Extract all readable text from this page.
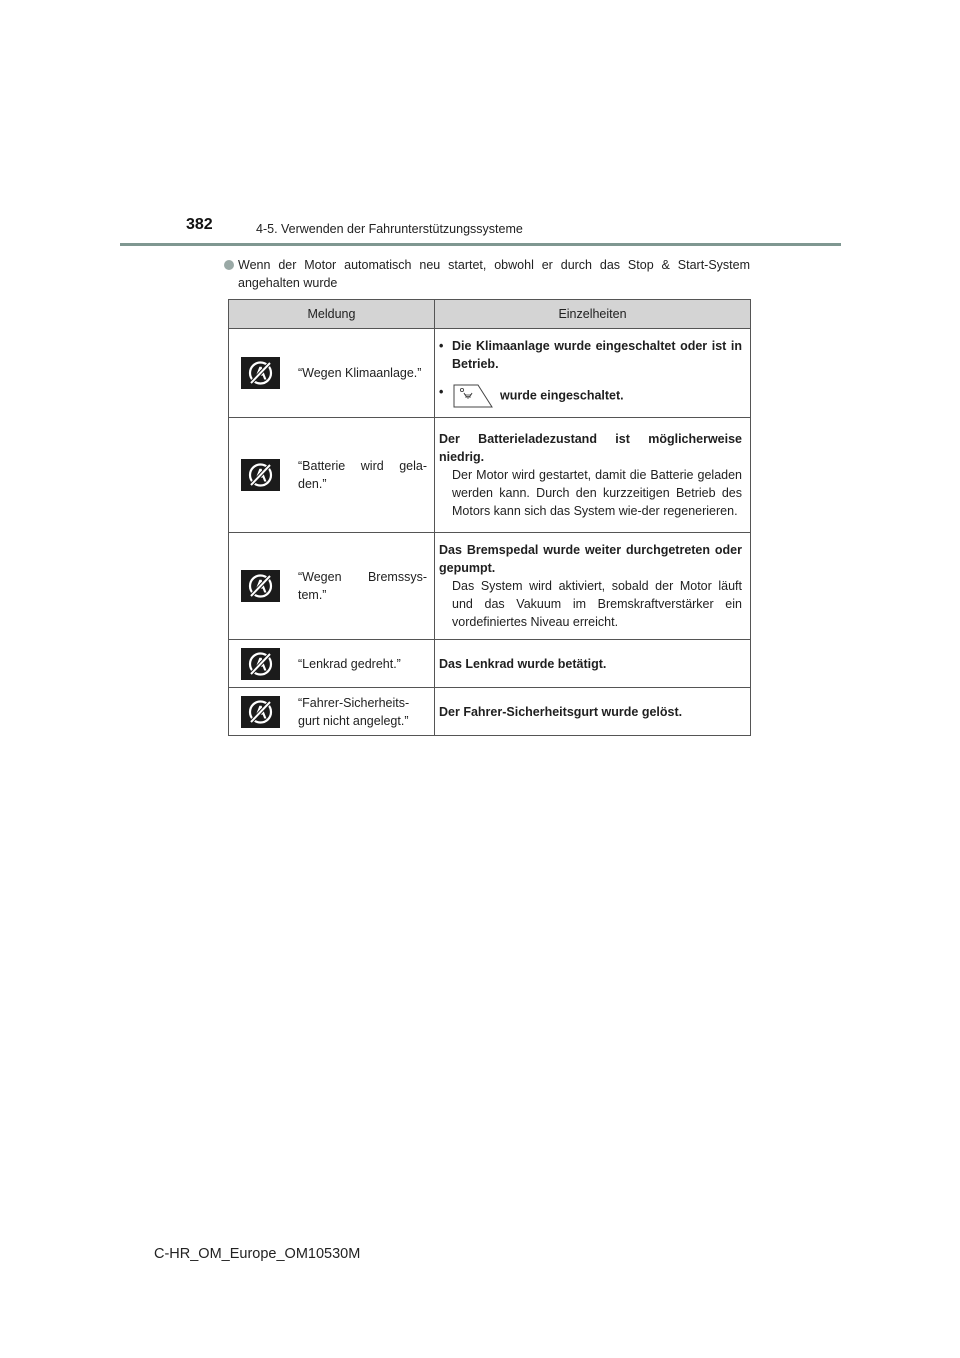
382	4-5. Verwenden der Fahrunterstützungssysteme
Wenn der Motor automatisch neu startet, obwohl er durch das Stop & Start-System angehalten wurde
Meldung	Einzelheiten

“Wegen Klimaanlage.”	• Die Klimaanlage wurde eingeschaltet oder ist in Betrieb.
• wurde eingeschaltet.

“Batterie wird gela-den.”	Der Batterieladezustand ist möglicherweise niedrig.
Der Motor wird gestartet, damit die Batterie geladen werden kann. Durch den kurzzeitigen Betrieb des Motors kann sich das System wie-der regenerieren.

“Wegen Bremssys-tem.”	Das Bremspedal wurde weiter durchgetreten oder gepumpt.
Das System wird aktiviert, sobald der Motor läuft und das Vakuum im Bremskraftverstärker ein vordefiniertes Niveau erreicht.

“Lenkrad gedreht.”	Das Lenkrad wurde betätigt.

“Fahrer-Sicherheits-gurt nicht angelegt.”	Der Fahrer-Sicherheitsgurt wurde gelöst.
C-HR_OM_Europe_OM10530M
